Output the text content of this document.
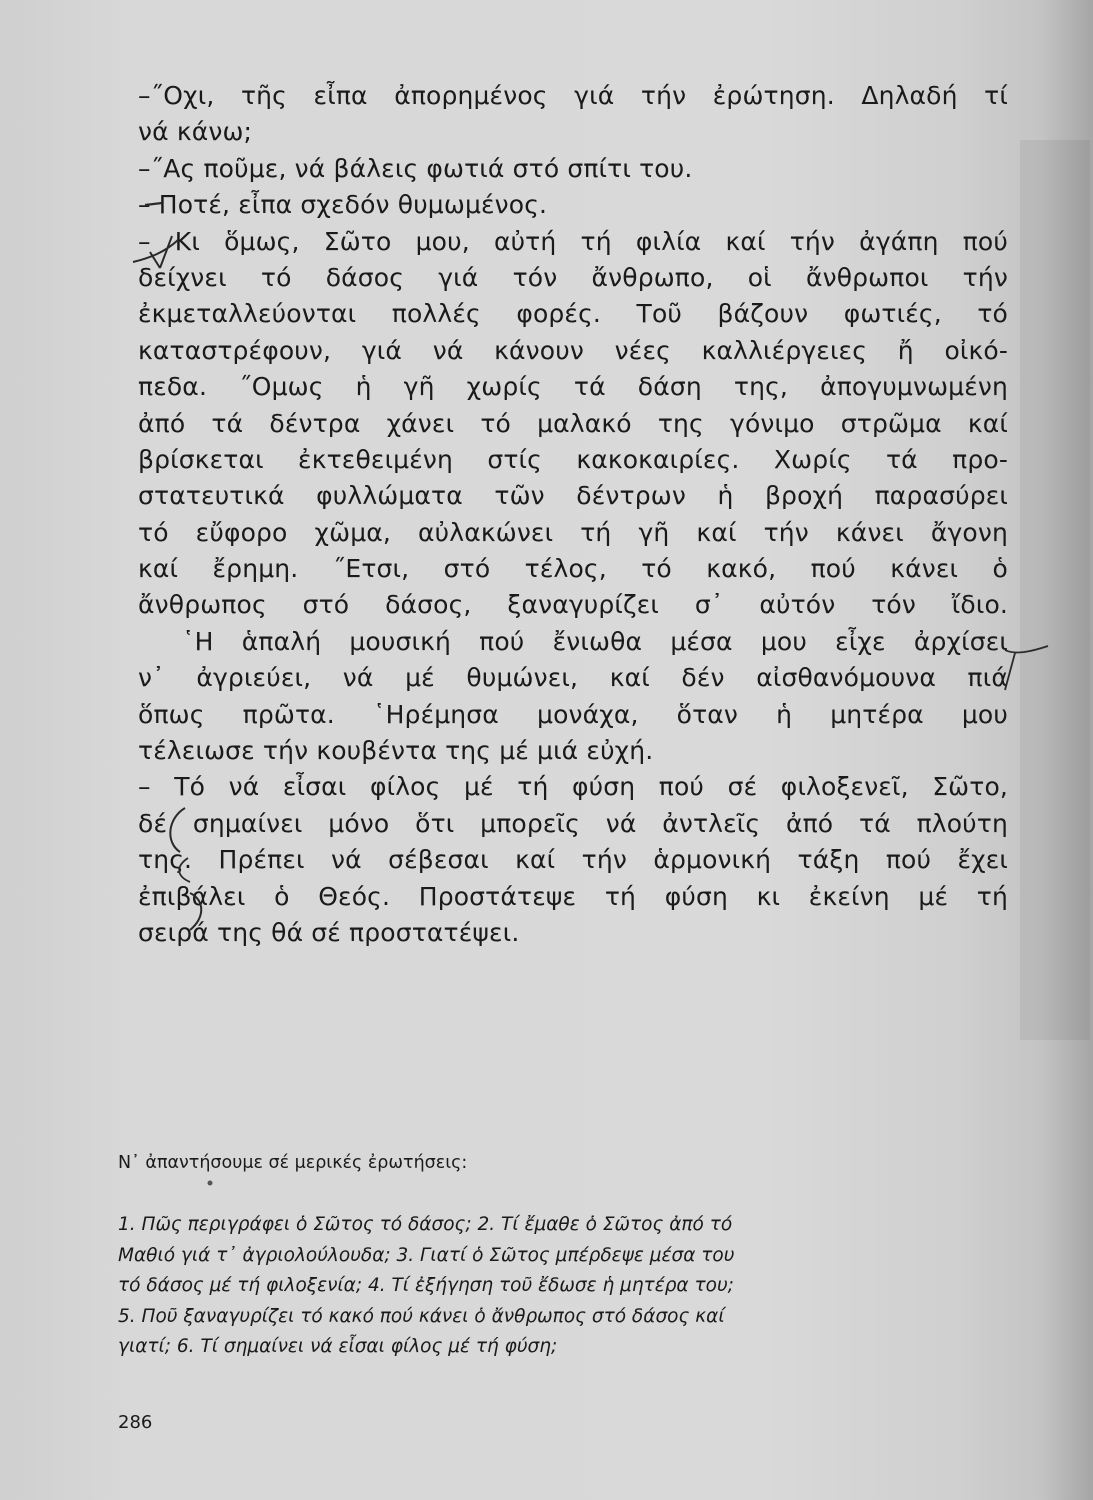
–˝Οχι, τῆς εἶπα ἀπορημένος γιά τήν ἐρώτηση. Δηλαδή τί
νά κάνω;
–˝Ας ποῦμε, νά βάλεις φωτιά στό σπίτι του.
– Ποτέ, εἶπα σχεδόν θυμωμένος.
– Κι ὅμως, Σῶτο μου, αὐτή τή φιλία καί τήν ἀγάπη πού
δείχνει τό δάσος γιά τόν ἄνθρωπο, οἱ ἄνθρωποι τήν
ἐκμεταλλεύονται πολλές φορές. Τοῦ βάζουν φωτιές, τό
καταστρέφουν, γιά νά κάνουν νέες καλλιέργειες ἤ οἰκό-
πεδα. ˝Ομως ἡ γῆ χωρίς τά δάση της, ἀπογυμνωμένη
ἀπό τά δέντρα χάνει τό μαλακό της γόνιμο στρῶμα καί
βρίσκεται ἐκτεθειμένη στίς κακοκαιρίες. Χωρίς τά προ-
στατευτικά φυλλώματα τῶν δέντρων ἡ βροχή παρασύρει
τό εὔφορο χῶμα, αὐλακώνει τή γῆ καί τήν κάνει ἄγονη
καί ἔρημη. ˝Ετσι, στό τέλος, τό κακό, πού κάνει ὁ
ἄνθρωπος στό δάσος, ξαναγυρίζει σ᾽ αὐτόν τόν ἴδιο.
῾Η ἁπαλή μουσική πού ἔνιωθα μέσα μου εἶχε ἀρχίσει
ν᾽ ἀγριεύει, νά μέ θυμώνει, καί δέν αἰσθανόμουνα πιά
ὅπως πρῶτα. ῾Ηρέμησα μονάχα, ὅταν ἡ μητέρα μου
τέλειωσε τήν κουβέντα της μέ μιά εὐχή.
– Τό νά εἶσαι φίλος μέ τή φύση πού σέ φιλοξενεῖ, Σῶτο,
δέ σημαίνει μόνο ὅτι μπορεῖς νά ἀντλεῖς ἀπό τά πλούτη
της. Πρέπει νά σέβεσαι καί τήν ἁρμονική τάξη πού ἔχει
ἐπιβάλει ὁ Θεός. Προστάτεψε τή φύση κι ἐκείνη μέ τή
σειρά της θά σέ προστατέψει.
Ν᾽ ἀπαντήσουμε σέ μερικές ἐρωτήσεις:
1. Πῶς περιγράφει ὁ Σῶτος τό δάσος; 2. Τί ἔμαθε ὁ Σῶτος ἀπό τό
Μαθιό γιά τ᾽ ἀγριολούλουδα; 3. Γιατί ὁ Σῶτος μπέρδεψε μέσα του
τό δάσος μέ τή φιλοξενία; 4. Τί ἐξήγηση τοῦ ἔδωσε ἡ μητέρα του;
5. Ποῦ ξαναγυρίζει τό κακό πού κάνει ὁ ἄνθρωπος στό δάσος καί
γιατί; 6. Τί σημαίνει νά εἶσαι φίλος μέ τή φύση;
286
